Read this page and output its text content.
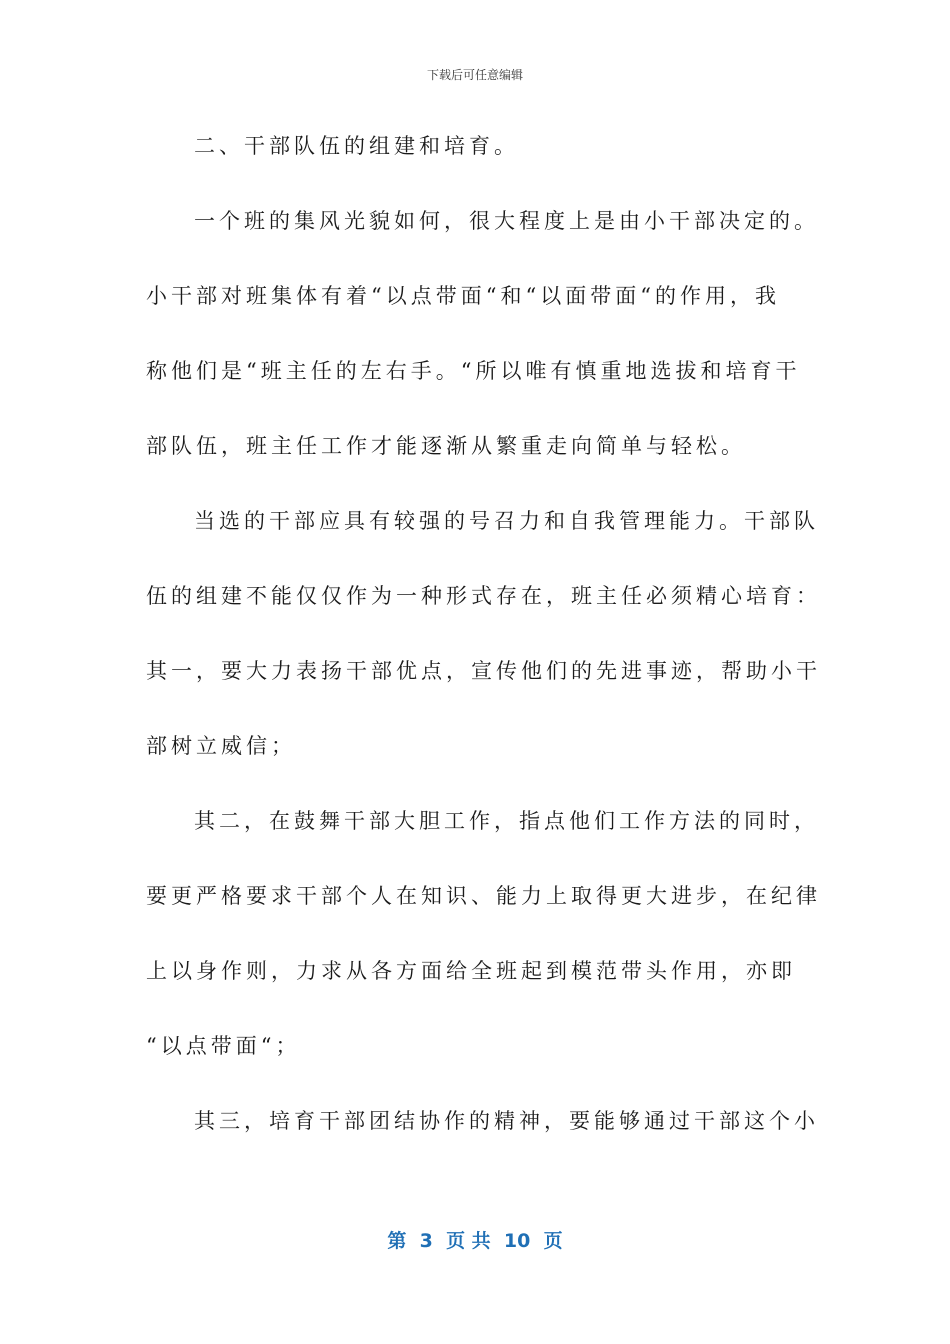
下载后可任意编辑
二、干部队伍的组建和培育。
一个班的集风光貌如何，很大程度上是由小干部决定的。
小干部对班集体有着“以点带面“和“以面带面“的作用，我
称他们是“班主任的左右手。“所以唯有慎重地选拔和培育干
部队伍，班主任工作才能逐渐从繁重走向简单与轻松。
当选的干部应具有较强的号召力和自我管理能力。干部队
伍的组建不能仅仅作为一种形式存在，班主任必须精心培育：
其一，要大力表扬干部优点，宣传他们的先进事迹，帮助小干
部树立威信；
其二，在鼓舞干部大胆工作，指点他们工作方法的同时，
要更严格要求干部个人在知识、能力上取得更大进步，在纪律
上以身作则，力求从各方面给全班起到模范带头作用，亦即
“以点带面“；
其三，培育干部团结协作的精神，要能够通过干部这个小
第  3  页 共  10  页
